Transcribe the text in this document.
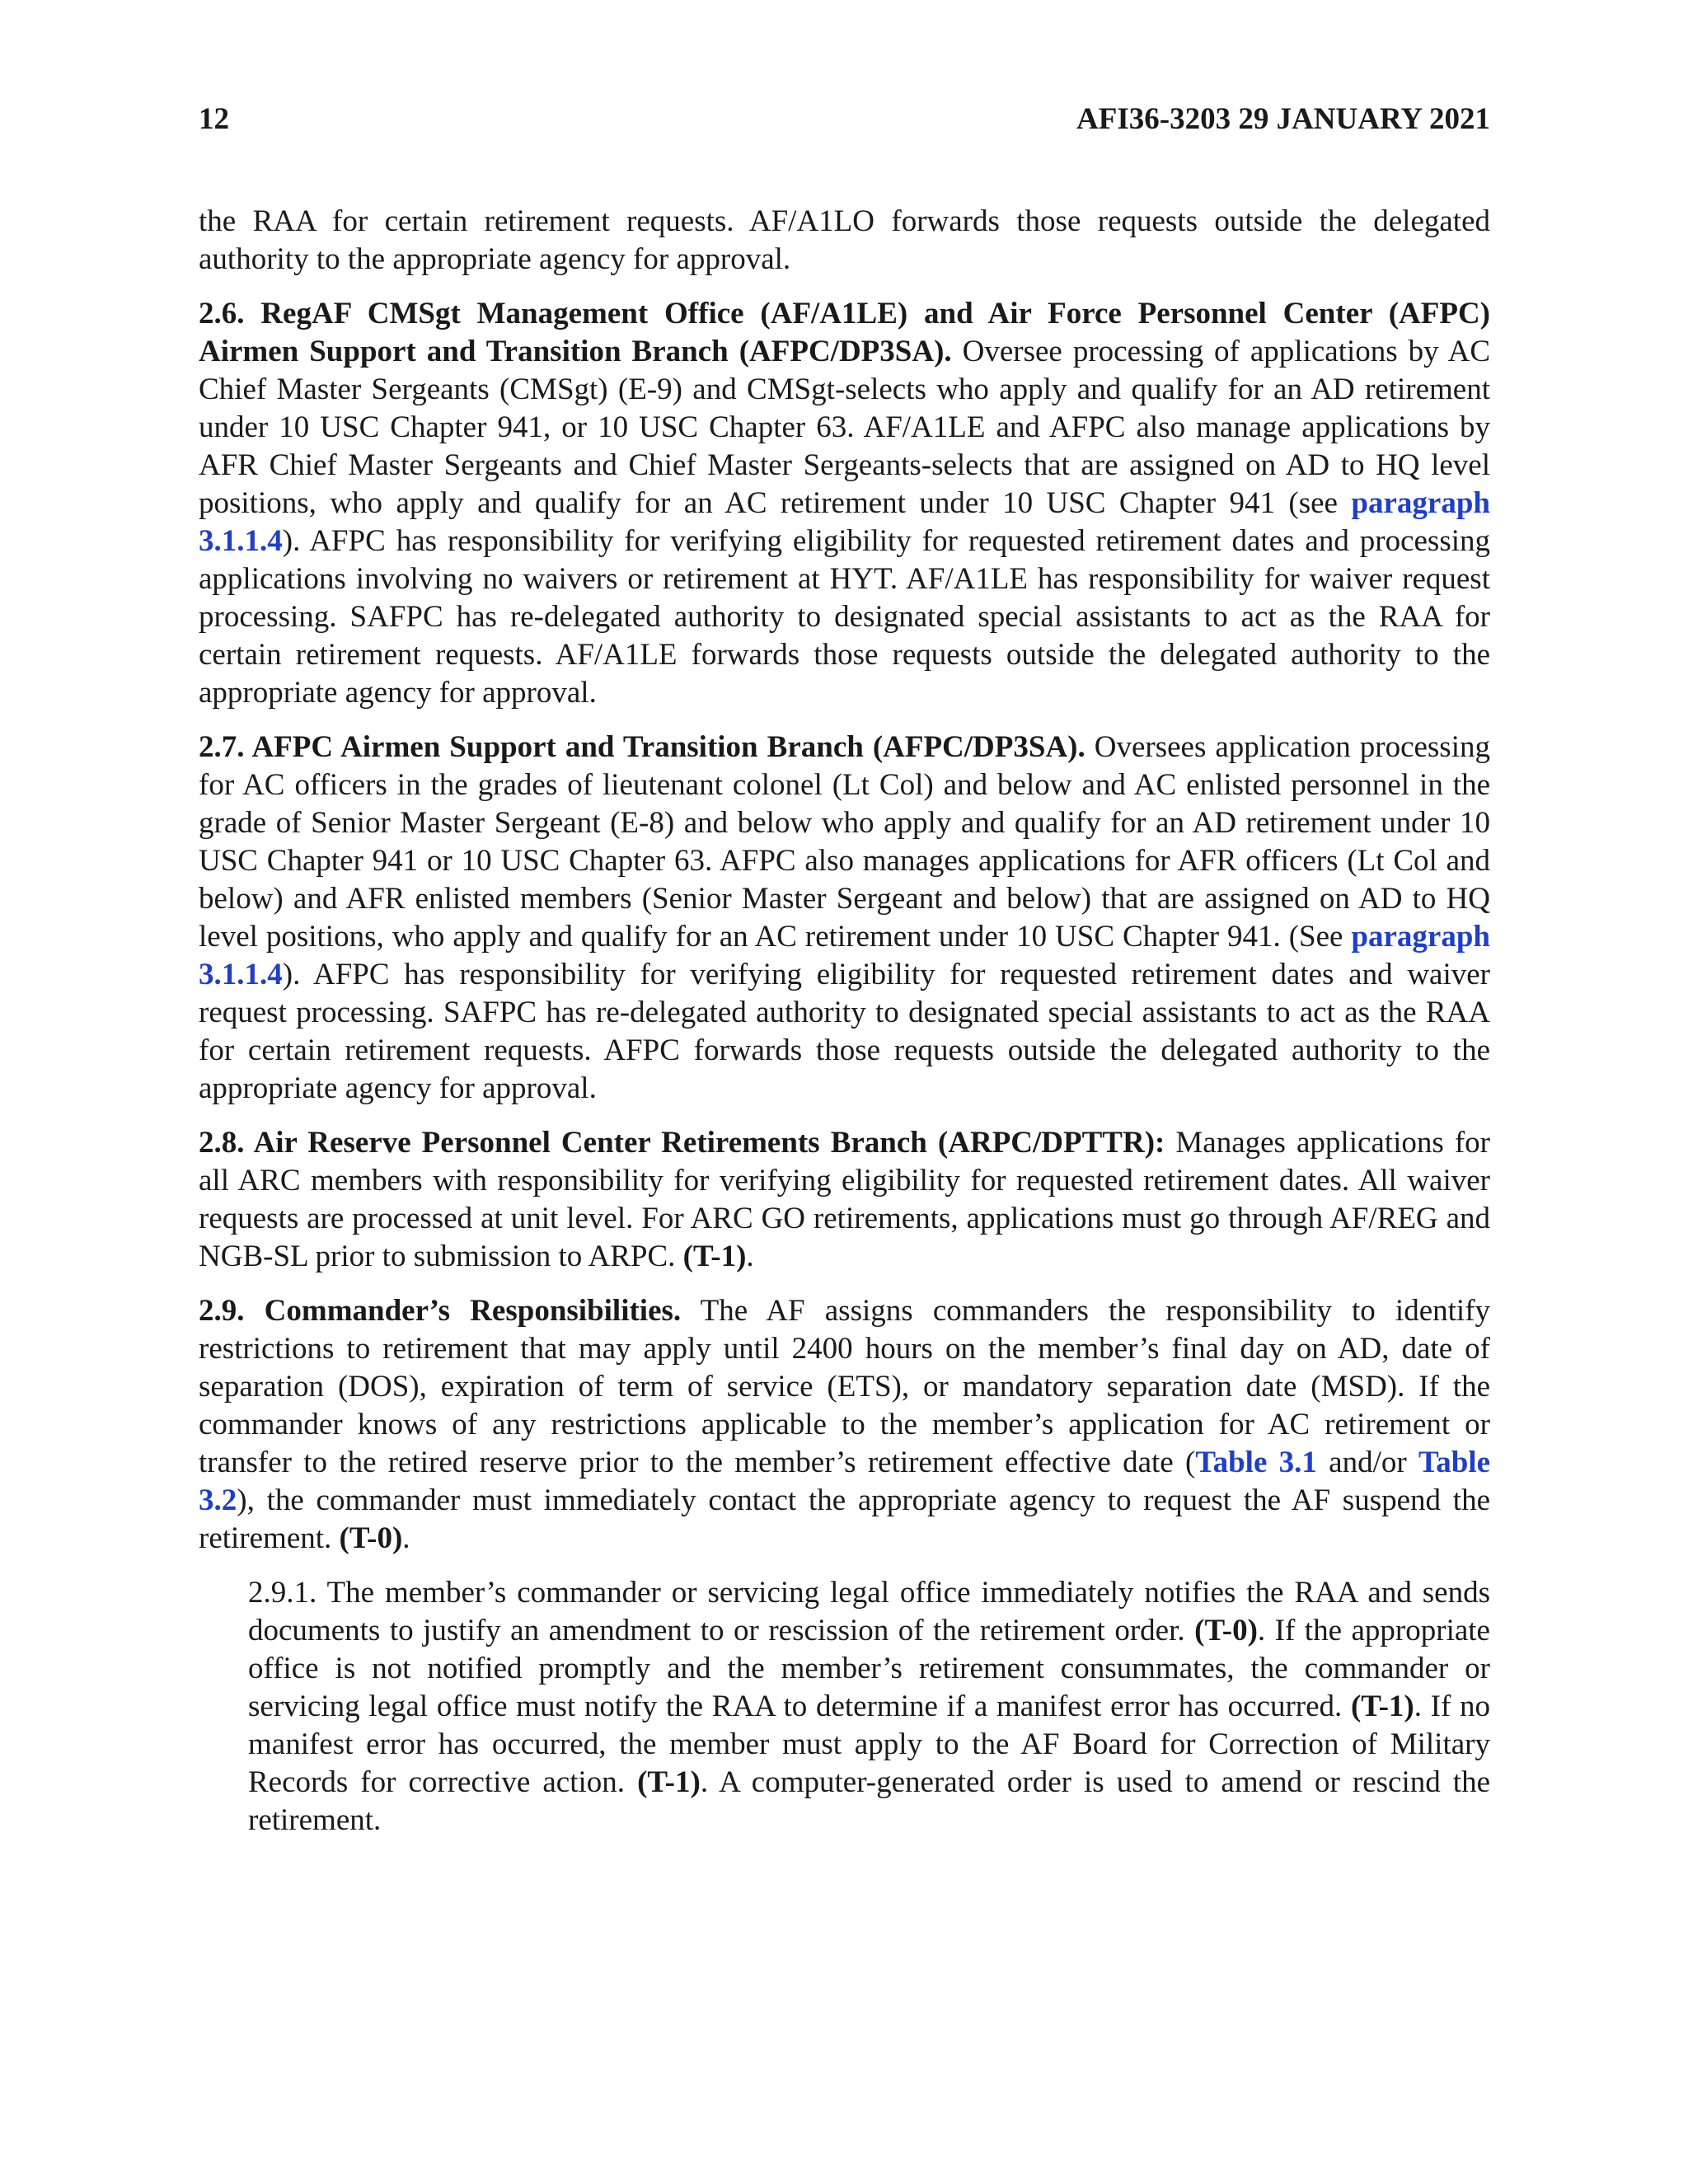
12	AFI36-3203 29 JANUARY 2021

the RAA for certain retirement requests. AF/A1LO forwards those requests outside the delegated authority to the appropriate agency for approval.

2.6. RegAF CMSgt Management Office (AF/A1LE) and Air Force Personnel Center (AFPC) Airmen Support and Transition Branch (AFPC/DP3SA). Oversee processing of applications by AC Chief Master Sergeants (CMSgt) (E-9) and CMSgt-selects who apply and qualify for an AD retirement under 10 USC Chapter 941, or 10 USC Chapter 63. AF/A1LE and AFPC also manage applications by AFR Chief Master Sergeants and Chief Master Sergeants-selects that are assigned on AD to HQ level positions, who apply and qualify for an AC retirement under 10 USC Chapter 941 (see paragraph 3.1.1.4). AFPC has responsibility for verifying eligibility for requested retirement dates and processing applications involving no waivers or retirement at HYT. AF/A1LE has responsibility for waiver request processing. SAFPC has re-delegated authority to designated special assistants to act as the RAA for certain retirement requests. AF/A1LE forwards those requests outside the delegated authority to the appropriate agency for approval.

2.7. AFPC Airmen Support and Transition Branch (AFPC/DP3SA). Oversees application processing for AC officers in the grades of lieutenant colonel (Lt Col) and below and AC enlisted personnel in the grade of Senior Master Sergeant (E-8) and below who apply and qualify for an AD retirement under 10 USC Chapter 941 or 10 USC Chapter 63. AFPC also manages applications for AFR officers (Lt Col and below) and AFR enlisted members (Senior Master Sergeant and below) that are assigned on AD to HQ level positions, who apply and qualify for an AC retirement under 10 USC Chapter 941. (See paragraph 3.1.1.4). AFPC has responsibility for verifying eligibility for requested retirement dates and waiver request processing. SAFPC has re-delegated authority to designated special assistants to act as the RAA for certain retirement requests. AFPC forwards those requests outside the delegated authority to the appropriate agency for approval.

2.8. Air Reserve Personnel Center Retirements Branch (ARPC/DPTTR): Manages applications for all ARC members with responsibility for verifying eligibility for requested retirement dates. All waiver requests are processed at unit level. For ARC GO retirements, applications must go through AF/REG and NGB-SL prior to submission to ARPC. (T-1).

2.9. Commander’s Responsibilities. The AF assigns commanders the responsibility to identify restrictions to retirement that may apply until 2400 hours on the member’s final day on AD, date of separation (DOS), expiration of term of service (ETS), or mandatory separation date (MSD). If the commander knows of any restrictions applicable to the member’s application for AC retirement or transfer to the retired reserve prior to the member’s retirement effective date (Table 3.1 and/or Table 3.2), the commander must immediately contact the appropriate agency to request the AF suspend the retirement. (T-0).

2.9.1. The member’s commander or servicing legal office immediately notifies the RAA and sends documents to justify an amendment to or rescission of the retirement order. (T-0). If the appropriate office is not notified promptly and the member’s retirement consummates, the commander or servicing legal office must notify the RAA to determine if a manifest error has occurred. (T-1). If no manifest error has occurred, the member must apply to the AF Board for Correction of Military Records for corrective action. (T-1). A computer-generated order is used to amend or rescind the retirement.
